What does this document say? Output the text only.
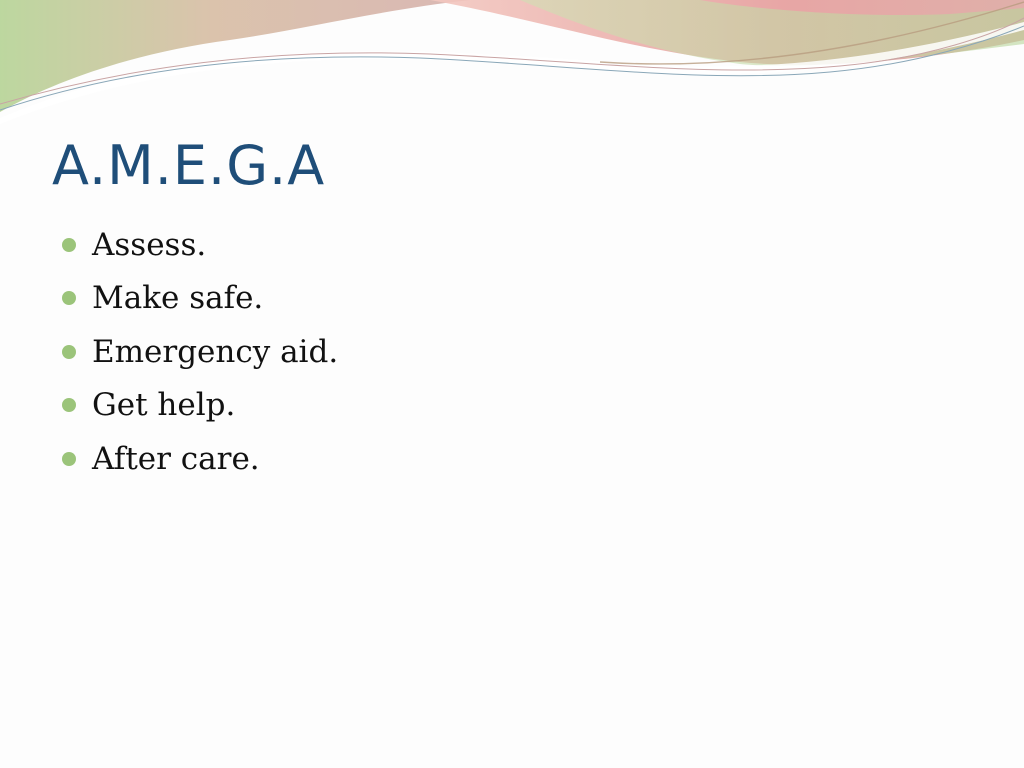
A.M.E.G.A
Assess.
Make safe.
Emergency aid.
Get help.
After care.
